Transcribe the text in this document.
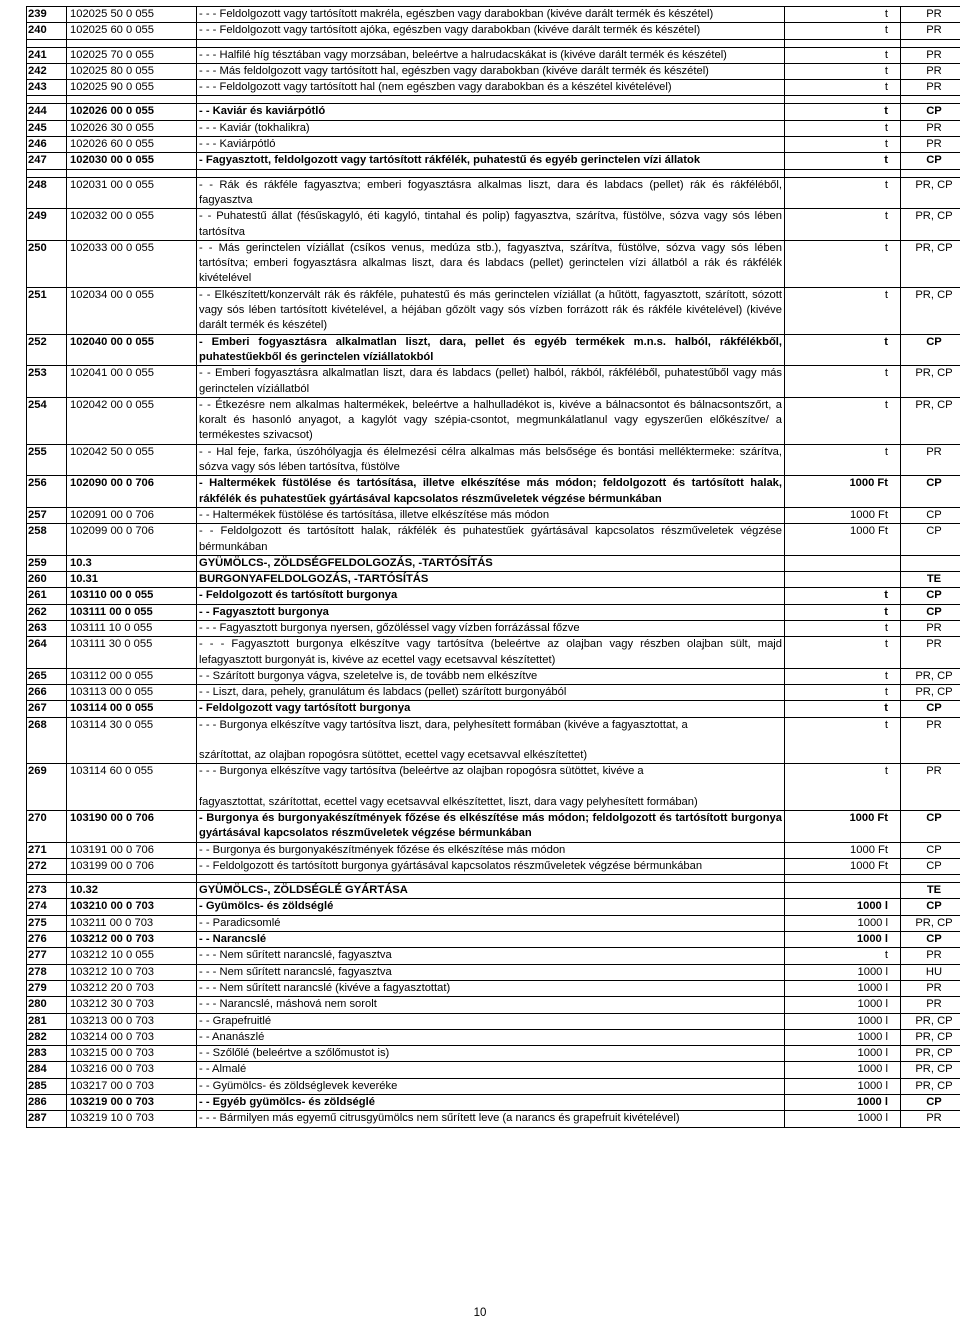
239	102025 50 0 055	- - - Feldolgozott vagy tartósított makréla, egészben vagy darabokban (kivéve darált termék és készétel)	t	PR
240	102025 60 0 055	- - - Feldolgozott vagy tartósított ajóka, egészben vagy darabokban (kivéve darált termék és készétel)	t	PR

241	102025 70 0 055	- - - Halfilé híg tésztában vagy morzsában, beleértve a halrudacskákat is (kivéve darált termék és készétel)	t	PR
242	102025 80 0 055	- - - Más feldolgozott vagy tartósított hal, egészben vagy darabokban (kivéve darált termék és készétel)	t	PR
243	102025 90 0 055	- - - Feldolgozott vagy tartósított hal (nem egészben vagy darabokban és a készétel kivételével)	t	PR

244	102026 00 0 055	- - Kaviár és kaviárpótló	t	CP
245	102026 30 0 055	- - - Kaviár (tokhalikra)	t	PR
246	102026 60 0 055	- - - Kaviárpótló	t	PR
247	102030 00 0 055	- Fagyasztott, feldolgozott vagy tartósított rákfélék, puhatestű és egyéb gerinctelen vízi állatok	t	CP

248	102031 00 0 055	- - Rák és rákféle fagyasztva; emberi fogyasztásra alkalmas liszt, dara és labdacs (pellet) rák és rákféléből, fagyasztva	t	PR, CP
249	102032 00 0 055	- - Puhatestű állat (fésűskagyló, éti kagyló, tintahal és polip) fagyasztva, szárítva, füstölve, sózva vagy sós lében tartósítva	t	PR, CP
250	102033 00 0 055	- - Más gerinctelen víziállat (csíkos venus, medúza stb.), fagyasztva, szárítva, füstölve, sózva vagy sós lében tartósítva; emberi fogyasztásra alkalmas liszt, dara és labdacs (pellet) gerinctelen vízi állatból a rák és rákfélék kivételével	t	PR, CP
251	102034 00 0 055	- - Elkészített/konzervált rák és rákféle, puhatestű és más gerinctelen víziállat (a hűtött, fagyasztott, szárított, sózott vagy sós lében tartósított kivételével, a héjában gőzölt vagy sós vízben forrázott rák és rákféle kivételével) (kivéve darált termék és készétel)	t	PR, CP
252	102040 00 0 055	- Emberi fogyasztásra alkalmatlan liszt, dara, pellet és egyéb termékek m.n.s. halból, rákfélékből, puhatestűekből és gerinctelen víziállatokból	t	CP
253	102041 00 0 055	- - Emberi fogyasztásra alkalmatlan liszt, dara és labdacs (pellet) halból, rákból, rákféléből, puhatestűből vagy más gerinctelen víziállatból	t	PR, CP
254	102042 00 0 055	- - Étkezésre nem alkalmas haltermékek, beleértve a halhulladékot is, kivéve a bálnacsontot és bálnacsontszőrt, a koralt és hasonló anyagot, a kagylót vagy szépia-csontot, megmunkálatlanul vagy egyszerűen előkészítve/ a termékestes szivacsot)	t	PR, CP
255	102042 50 0 055	- - Hal feje, farka, úszóhólyagja és élelmezési célra alkalmas más belsősége és bontási melléktermeke: szárítva, sózva vagy sós lében tartósítva, füstölve	t	PR
256	102090 00 0 706	- Haltermékek füstölése és tartósítása, illetve elkészítése más módon; feldolgozott és tartósított halak, rákfélék és puhatestűek gyártásával kapcsolatos részműveletek végzése bérmunkában	1000 Ft	CP
257	102091 00 0 706	- - Haltermékek füstölése és tartósítása, illetve elkészítése más módon	1000 Ft	CP
258	102099 00 0 706	- - Feldolgozott és tartósított halak, rákfélék és puhatestűek gyártásával kapcsolatos részműveletek végzése bérmunkában	1000 Ft	CP
259	10.3	GYÜMÖLCS-, ZÖLDSÉGFELDOLGOZÁS, -TARTÓSÍTÁS		
260	10.31	BURGONYAFELDOLGOZÁS, -TARTÓSÍTÁS		TE
261	103110 00 0 055	- Feldolgozott és tartósított burgonya	t	CP
262	103111 00 0 055	- - Fagyasztott burgonya	t	CP
263	103111 10 0 055	- - - Fagyasztott burgonya nyersen, gőzöléssel vagy vízben forrázással főzve	t	PR
264	103111 30 0 055	- - - Fagyasztott burgonya elkészítve vagy tartósítva (beleértve az olajban vagy részben olajban sült, majd lefagyasztott burgonyát is, kivéve az ecettel vagy ecetsavval készítettet)	t	PR
265	103112 00 0 055	- - Szárított burgonya vágva, szeletelve is, de tovább nem elkészítve	t	PR, CP
266	103113 00 0 055	- - Liszt, dara, pehely, granulátum és labdacs (pellet) szárított burgonyából	t	PR, CP
267	103114 00 0 055	- Feldolgozott vagy tartósított burgonya	t	CP
268	103114 30 0 055	- - - Burgonya elkészítve vagy tartósítva liszt, dara, pelyhesített formában (kivéve a fagyasztottat, a
szárítottat, az olajban ropogósra sütöttet, ecettel vagy ecetsavval elkészítettet)	t	PR
269	103114 60 0 055	- - - Burgonya elkészítve vagy tartósítva (beleértve az olajban ropogósra sütöttet, kivéve a
fagyasztottat, szárítottat, ecettel vagy ecetsavval elkészítettet, liszt, dara vagy pelyhesített formában)	t	PR
270	103190 00 0 706	- Burgonya és burgonyakészítmények főzése és elkészítése más módon; feldolgozott és tartósított burgonya gyártásával kapcsolatos részműveletek végzése bérmunkában	1000 Ft	CP
271	103191 00 0 706	- - Burgonya és burgonyakészítmények főzése és elkészítése más módon	1000 Ft	CP
272	103199 00 0 706	- - Feldolgozott és tartósított burgonya gyártásával kapcsolatos részműveletek végzése bérmunkában	1000 Ft	CP

273	10.32	GYÜMÖLCS-, ZÖLDSÉGLÉ GYÁRTÁSA		TE
274	103210 00 0 703	- Gyümölcs- és zöldséglé	1000 l	CP
275	103211 00 0 703	- - Paradicsomlé	1000 l	PR, CP
276	103212 00 0 703	- - Narancslé	1000 l	CP
277	103212 10 0 055	- - - Nem sűrített narancslé, fagyasztva	t	PR
278	103212 10 0 703	- - - Nem sűrített narancslé, fagyasztva	1000 l	HU
279	103212 20 0 703	- - - Nem sűrített narancslé (kivéve a fagyasztottat)	1000 l	PR
280	103212 30 0 703	- - - Narancslé, máshová nem sorolt	1000 l	PR
281	103213 00 0 703	- - Grapefruitlé	1000 l	PR, CP
282	103214 00 0 703	- - Ananászlé	1000 l	PR, CP
283	103215 00 0 703	- - Szőlőlé (beleértve a szőlőmustot is)	1000 l	PR, CP
284	103216 00 0 703	- - Almalé	1000 l	PR, CP
285	103217 00 0 703	- - Gyümölcs- és zöldséglevek keveréke	1000 l	PR, CP
286	103219 00 0 703	- - Egyéb gyümölcs- és zöldséglé	1000 l	CP
287	103219 10 0 703	- - - Bármilyen más egyemű citrusgyümölcs nem sűrített leve (a narancs és grapefruit kivételével)	1000 l	PR
10
